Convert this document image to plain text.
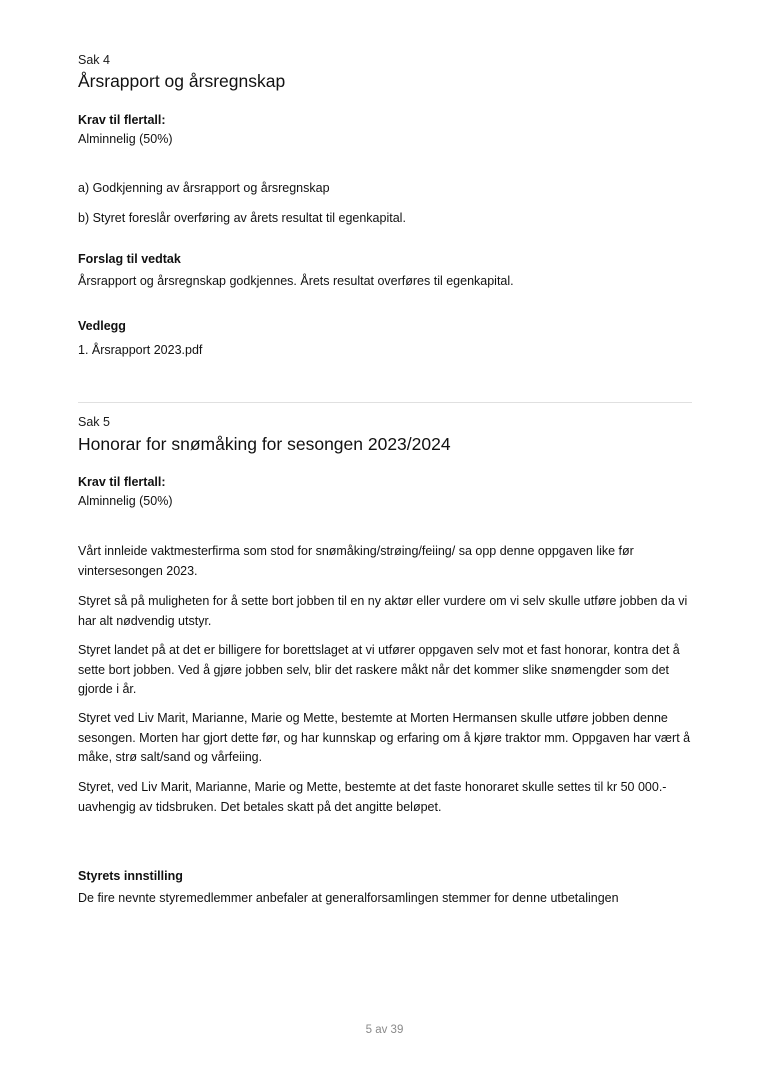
Sak 4

Årsrapport og årsregnskap

Krav til flertall:

Alminnelig (50%)

a) Godkjenning av årsrapport og årsregnskap

b) Styret foreslår overføring av årets resultat til egenkapital.

Forslag til vedtak

Årsrapport og årsregnskap godkjennes. Årets resultat overføres til egenkapital.

Vedlegg

1. Årsrapport 2023.pdf

Sak 5

Honorar for snømåking for sesongen 2023/2024

Krav til flertall:

Alminnelig (50%)

Vårt innleide vaktmesterfirma som stod for snømåking/strøing/feiing/ sa opp denne oppgaven like før vintersesongen 2023.

Styret så på muligheten for å sette bort jobben til en ny aktør eller vurdere om vi selv skulle utføre jobben da vi har alt nødvendig utstyr.

Styret landet på at det er billigere for borettslaget at vi utfører oppgaven selv mot et fast honorar, kontra det å sette bort jobben. Ved å gjøre jobben selv, blir det raskere måkt når det kommer slike snømengder som det gjorde i år.

Styret ved Liv Marit, Marianne, Marie og Mette, bestemte at Morten Hermansen skulle utføre jobben denne sesongen. Morten har gjort dette før, og har kunnskap og erfaring om å kjøre traktor mm. Oppgaven har vært å måke, strø salt/sand og vårfeiing.

Styret, ved Liv Marit, Marianne, Marie og Mette, bestemte at det faste honoraret skulle settes til kr 50 000.- uavhengig av tidsbruken. Det betales skatt på det angitte beløpet.

Styrets innstilling

De fire nevnte styremedlemmer anbefaler at generalforsamlingen stemmer for denne utbetalingen

5 av 39
